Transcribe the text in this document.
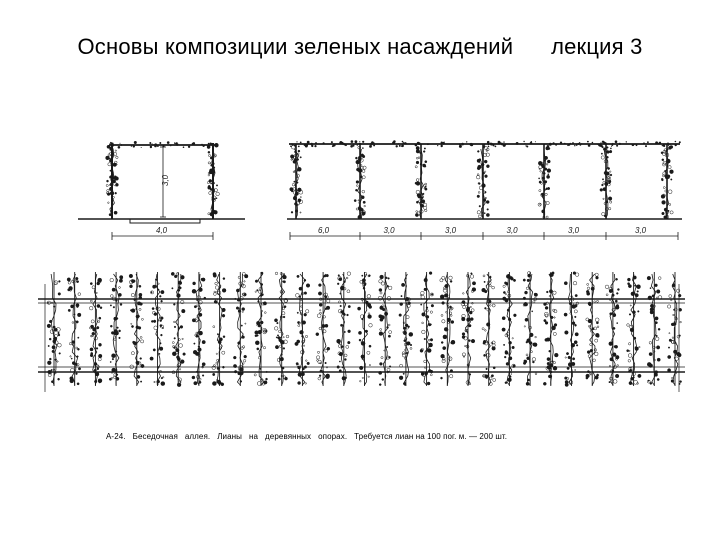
Основы композиции зеленых насаждений      лекция 3
3,0
4,0	6,0	3,0	3,0	3,0	3,0	3,0
А-24.   Беседочная   аллея.   Лианы   на   деревянных   опорах.   Требуется лиан на 100 пог. м. — 200 шт.
